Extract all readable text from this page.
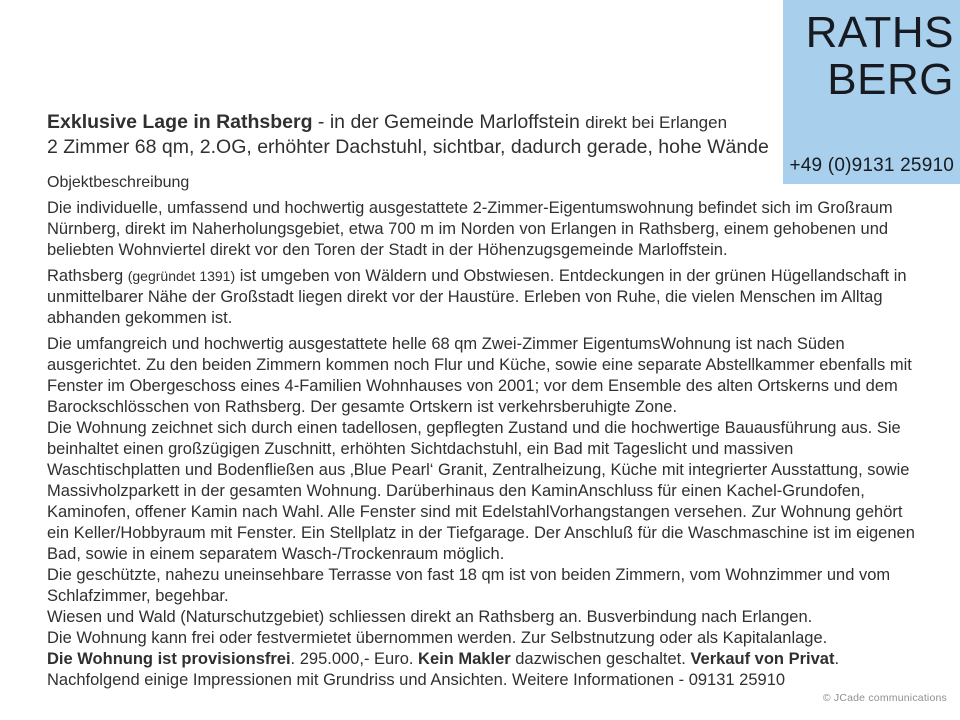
RATHS
BERG
+49 (0)9131 25910
Exklusive Lage in Rathsberg - in der Gemeinde Marloffstein direkt bei Erlangen
2 Zimmer 68 qm, 2.OG, erhöhter Dachstuhl, sichtbar, dadurch gerade, hohe Wände
Objektbeschreibung

Die individuelle, umfassend und hochwertig ausgestattete 2-Zimmer-Eigentumswohnung befindet sich im Großraum Nürnberg, direkt im Naherholungsgebiet, etwa 700 m im Norden von Erlangen in Rathsberg, einem gehobenen und beliebten Wohnviertel direkt vor den Toren der Stadt in der Höhenzugsgemeinde Marloffstein.

Rathsberg (gegründet 1391) ist umgeben von Wäldern und Obstwiesen. Entdeckungen in der grünen Hügellandschaft in unmittelbarer Nähe der Großstadt liegen direkt vor der Haustüre. Erleben von Ruhe, die vielen Menschen im Alltag abhanden gekommen ist.

Die umfangreich und hochwertig ausgestattete helle 68 qm Zwei-Zimmer EigentumsWohnung ist nach Süden ausgerichtet. Zu den beiden Zimmern kommen noch Flur und Küche, sowie eine separate Abstellkammer ebenfalls mit Fenster im Obergeschoss eines 4-Familien Wohnhauses von 2001; vor dem Ensemble des alten Ortskerns und dem Barockschlösschen von Rathsberg. Der gesamte Ortskern ist verkehrsberuhigte Zone.

Die Wohnung zeichnet sich durch einen tadellosen, gepflegten Zustand und die hochwertige Bauausführung aus. Sie beinhaltet einen großzügigen Zuschnitt, erhöhten Sichtdachstuhl, ein Bad mit Tageslicht und massiven Waschtischplatten und Bodenfließen aus ‚Blue Pearl‘ Granit, Zentralheizung, Küche mit integrierter Ausstattung, sowie Massivholzparkett in der gesamten Wohnung. Darüberhinaus den KaminAnschluss für einen Kachel-Grundofen, Kaminofen, offener Kamin nach Wahl. Alle Fenster sind mit EdelstahlVorhangstangen versehen. Zur Wohnung gehört ein Keller/Hobbyraum mit Fenster. Ein Stellplatz in der Tiefgarage. Der Anschluß für die Waschmaschine ist im eigenen Bad, sowie in einem separatem Wasch-/Trockenraum möglich.

Die geschützte, nahezu uneinsehbare Terrasse von fast 18 qm ist von beiden Zimmern, vom Wohnzimmer und vom Schlafzimmer, begehbar.

Wiesen und Wald (Naturschutzgebiet) schliessen direkt an Rathsberg an. Busverbindung nach Erlangen.

Die Wohnung kann frei oder festvermietet übernommen werden. Zur Selbstnutzung oder als Kapitalanlage.

Die Wohnung ist provisionsfrei. 295.000,- Euro. Kein Makler dazwischen geschaltet. Verkauf von Privat.

Nachfolgend einige Impressionen mit Grundriss und Ansichten. Weitere Informationen - 09131 25910

© JCade communications
